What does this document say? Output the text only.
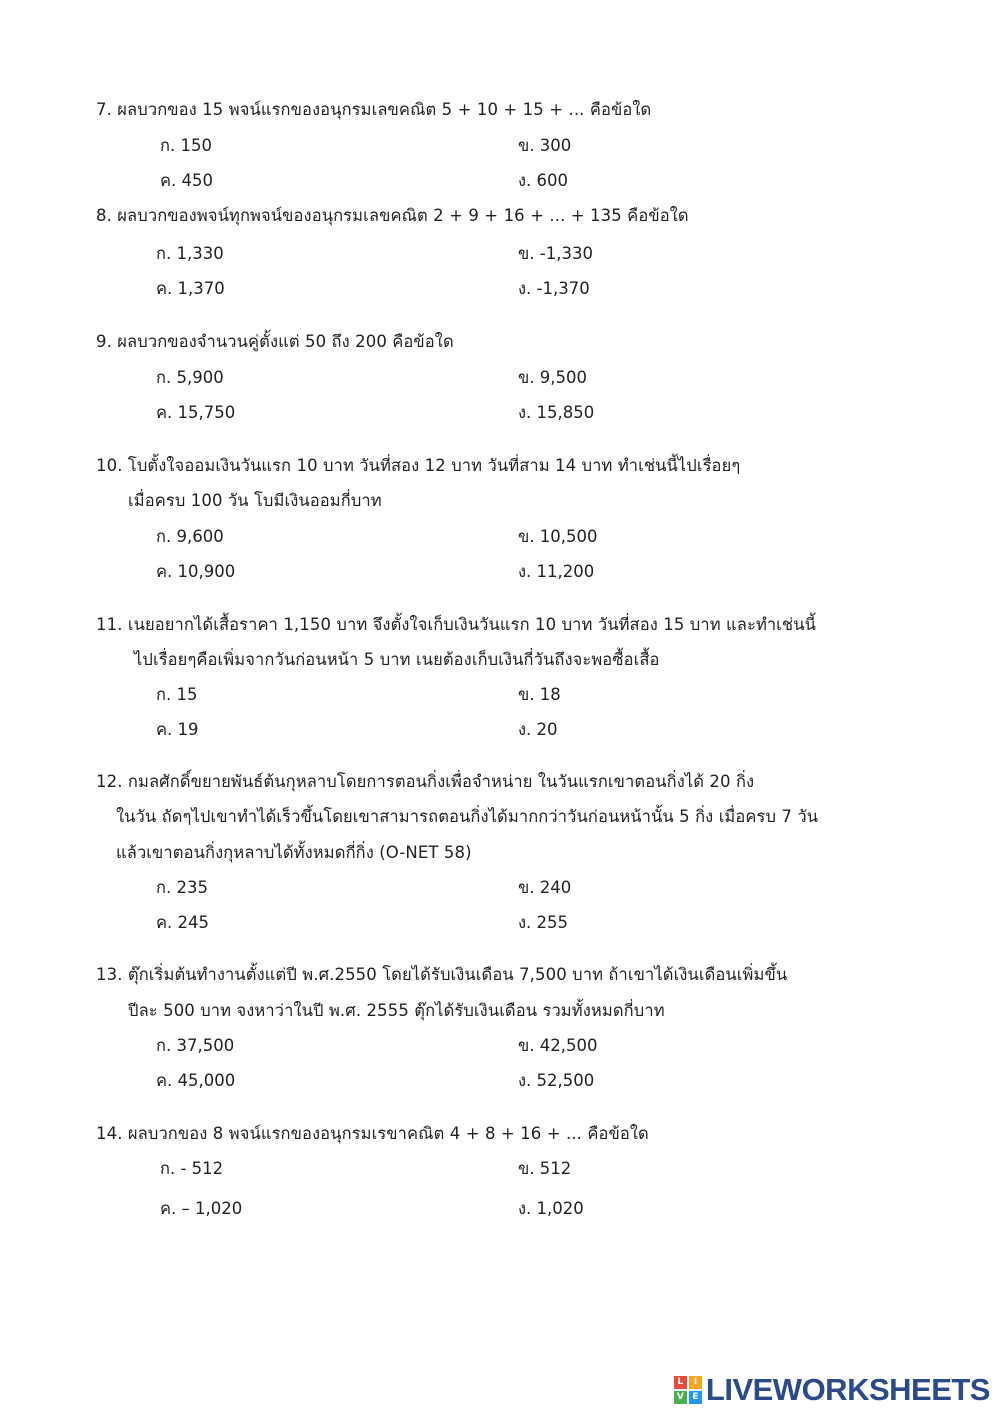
7. ผลบวกของ 15 พจน์แรกของอนุกรมเลขคณิต 5 + 10 + 15 + ... คือข้อใด
ก. 150	ข. 300
ค. 450	ง. 600
8. ผลบวกของพจน์ทุกพจน์ของอนุกรมเลขคณิต 2 + 9 + 16 + ... + 135 คือข้อใด
ก. 1,330	ข. -1,330
ค. 1,370	ง. -1,370
9. ผลบวกของจำนวนคู่ตั้งแต่ 50 ถึง 200 คือข้อใด
ก. 5,900	ข. 9,500
ค. 15,750	ง. 15,850
10. โบตั้งใจออมเงินวันแรก 10 บาท วันที่สอง 12 บาท วันที่สาม 14 บาท ทำเช่นนี้ไปเรื่อยๆ
เมื่อครบ 100 วัน โบมีเงินออมกี่บาท
ก. 9,600	ข. 10,500
ค. 10,900	ง. 11,200
11. เนยอยากได้เสื้อราคา 1,150 บาท จึงตั้งใจเก็บเงินวันแรก 10 บาท วันที่สอง 15 บาท และทำเช่นนี้
ไปเรื่อยๆคือเพิ่มจากวันก่อนหน้า 5 บาท เนยต้องเก็บเงินกี่วันถึงจะพอซื้อเสื้อ
ก. 15	ข. 18
ค. 19	ง. 20
12. กมลศักดิ์ขยายพันธ์ต้นกุหลาบโดยการตอนกิ่งเพื่อจำหน่าย ในวันแรกเขาตอนกิ่งได้ 20 กิ่ง
ในวัน ถัดๆไปเขาทำได้เร็วขึ้นโดยเขาสามารถตอนกิ่งได้มากกว่าวันก่อนหน้านั้น 5 กิ่ง เมื่อครบ 7 วัน
แล้วเขาตอนกิ่งกุหลาบได้ทั้งหมดกี่กิ่ง (O-NET 58)
ก. 235	ข. 240
ค. 245	ง. 255
13. ตุ๊กเริ่มต้นทำงานตั้งแต่ปี พ.ศ.2550 โดยได้รับเงินเดือน 7,500 บาท ถ้าเขาได้เงินเดือนเพิ่มขึ้น
ปีละ 500 บาท จงหาว่าในปี พ.ศ. 2555 ตุ๊กได้รับเงินเดือน รวมทั้งหมดกี่บาท
ก. 37,500	ข. 42,500
ค. 45,000	ง. 52,500
14. ผลบวกของ 8 พจน์แรกของอนุกรมเรขาคณิต 4 + 8 + 16 + ... คือข้อใด
ก. - 512	ข. 512
ค. – 1,020	ง. 1,020
L	I
V E LIVEWORKSHEETS
